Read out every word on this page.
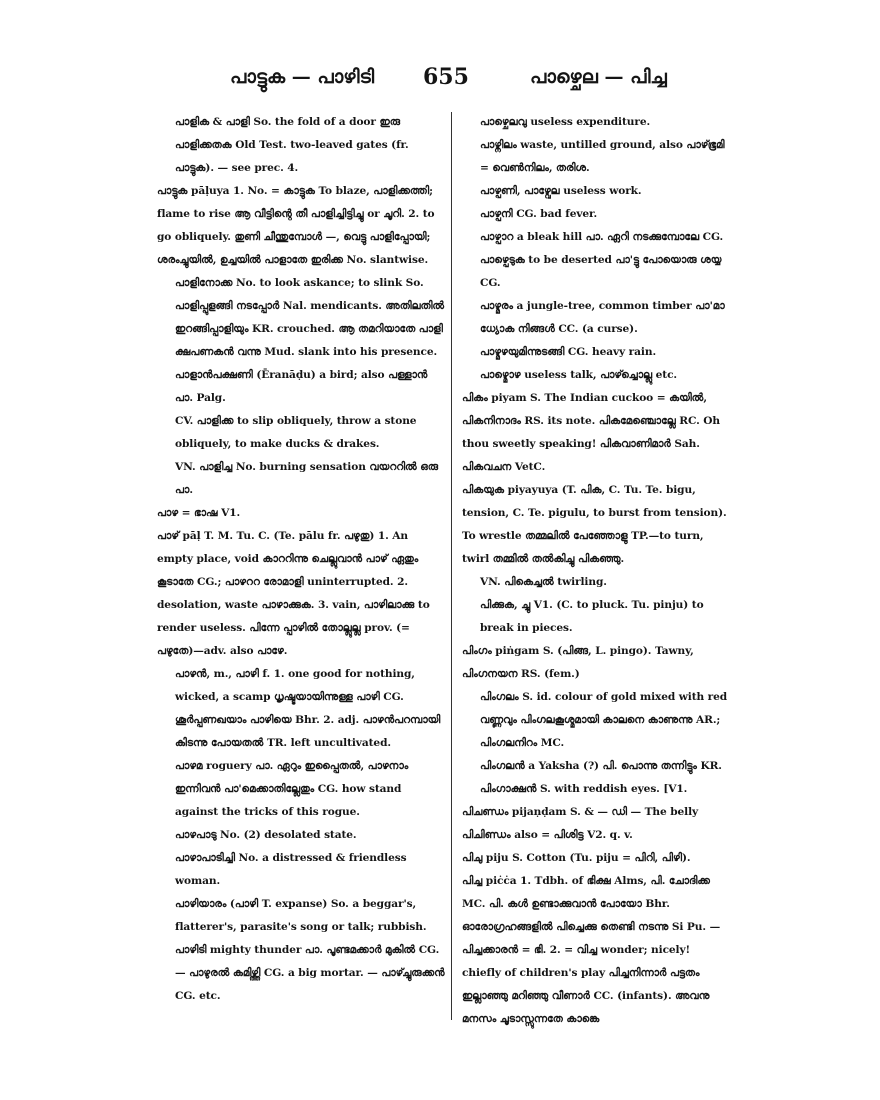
പാട്ടുക — പാഴിടി 655	പാഴ്ചെല — പിച്ച

പാളിക & പാളി So. the fold of a door ഇരു പാളിക്കതക Old Test. two-leaved gates (fr. പാട്ടുക). — see prec. 4.

പാട്ടുക pāḷuya 1. No. = കാട്ടുക To blaze, പാളിക്കത്തി; flame to rise ആ വീട്ടിന്റെ തീ പാളിച്ചിട്ടിച്ചു or ചൂറി. 2. to go obliquely. തുണി ചീന്തുമ്പോൾ —, വെട്ടു പാളിപ്പോയി; ശരംച്ചുയിൽ, ഉച്ചയിൽ പാളാതേ ഇരിക്ക No. slantwise.

പാളിനോക്ക No. to look askance; to slink So.

പാളിപ്പുളങ്ങി നടപ്പോർ Nal. mendicants. അതിലതിൽ ഇറങ്ങിപ്പാളിയും KR. crouched. ആ തമറിയാതേ പാളി ക്ഷപണകൻ വന്നു Mud. slank into his presence.

പാളാൻപക്ഷണി (Ēranāḍu) a bird; also പള്ളാൻ പാ. Palg.

CV. പാളിക്ക to slip obliquely, throw a stone obliquely, to make ducks & drakes.

VN. പാളിച്ച No. burning sensation വയററിൽ ഒരു പാ.

പാഴ = ഭാഷ V1.

പാഴ് pāḷ T. M. Tu. C. (Te. pālu fr. പഴുതു) 1. An empty place, void കാററിന്നു ചെല്ലുവാൻ പാഴ് ഏതും കൂടാതേ CG.; പാഴററ രോമാളി uninterrupted. 2. desolation, waste പാഴാക്കുക. 3. vain, പാഴിലാക്കു to render useless. പിന്നേ പ്പാഴിൽ തോല്ലുല്ല prov. (= പഴുതേ)—adv. also പാഴേ.

പാഴൻ, m., പാഴി f. 1. one good for nothing, wicked, a scamp ധൃഷ്ടയായിന്നുള്ള പാഴി CG. ശൂർപ്പണഖയാം പാഴിയെ Bhr. 2. adj. പാഴൻപറമ്പായി കിടന്നു പോയതൽ TR. left uncultivated.

പാഴമ roguery പാ. ഏറും ഇപ്പൈതൽ, പാഴനാം ഇന്നിവൻ പാ'മെക്കാതില്ലേതും CG. how stand against the tricks of this rogue.

പാഴപാടു No. (2) desolated state.

പാഴാപാടിച്ചി No. a distressed & friendless woman.

പാഴിയാരം (പാഴി T. expanse) So. a beggar's, flatterer's, parasite's song or talk; rubbish.

പാഴിടി mighty thunder പാ. പൂണ്ടമക്കാർ മുകിൽ CG. — പാഴുരൽ കമിഴ്ത്തി CG. a big mortar. — പാഴ്ച്ചുരുക്കൻ CG. etc.

പാഴ്ചെലവു useless expenditure.

പാഴ്നിലം waste, untilled ground, also പാഴ്ഭൂമി = വെൺനിലം, തരിശ.

പാഴ്പണി, പാഴ്വേല useless work.

പാഴ്പനി CG. bad fever.

പാഴ്പാറ a bleak hill പാ. ഏറി നടക്കുമ്പോലേ CG.

പാഴ്പെടുക to be deserted പാ'ട്ടു പോയൊരു ശയ്യ CG.

പാഴ്മരം a jungle-tree, common timber പാ'മാ ധ്യോക നിങ്ങൾ CC. (a curse).

പാഴ്മഴയുമിന്നുടങ്ങി CG. heavy rain.

പാഴ്മൊഴ useless talk, പാഴ്ച്ചൊല്ലു etc.

പികം piyam S. The Indian cuckoo = കയിൽ, പികനിനാദം RS. its note. പികമേഞ്ചൊല്ലേ RC. Oh thou sweetly speaking! പികവാണിമാർ Sah. പികവചന VetC.

പികയുക piyayuya (T. പിക, C. Tu. Te. bigu, tension, C. Te. pigulu, to burst from tension). To wrestle തമ്മലിൽ പേഞ്ഞോളു TP.—to turn, twirl തമ്മിൽ തൽകിച്ചു പികഞ്ഞു.

VN. പികെച്ചൽ twirling.

പിക്കുക, ച്ചു V1. (C. to pluck. Tu. pinju) to break in pieces.

പിംഗം piṅgam S. (പിങ്ങ, L. pingo). Tawny, പിംഗനയന RS. (fem.)

പിംഗലം S. id. colour of gold mixed with red വണ്ണവും പിംഗലകൂശ്മമായി കാലനെ കാണുന്നു AR.; പിംഗലനിറം MC.

പിംഗലൻ a Yaksha (?) പി. പൊന്നു തന്നിട്ടും KR.

പിംഗാക്ഷൻ S. with reddish eyes. [V1.

പിചണ്ഡം pijaṇḍam S. & — ഡി — The belly പിചിണ്ഡം also = പിശിട്ട V2. q. v.

പിചു piju S. Cotton (Tu. piju = പിറി, പിഴി).

പിച്ച piċċa 1. Tdbh. of ഭിക്ഷ Alms, പി. ചോദിക്ക MC. പി. കൾ ഉണ്ടാക്കുവാൻ പോയോ Bhr. ഓരോഗ്രഹങ്ങളിൽ പിച്ചെക്കു തെണ്ടി നടന്നു Si Pu. — പിച്ചക്കാരൻ = ഭി. 2. = വിച്ച wonder; nicely! chiefly of children's play പിച്ചനിന്നാർ പട്ടതം ഇല്ലാഞ്ഞു മറിഞ്ഞു വീണാർ CC. (infants). അവനു മനസം ചൂടാസ്സുന്നതേ കാങ്കെ
